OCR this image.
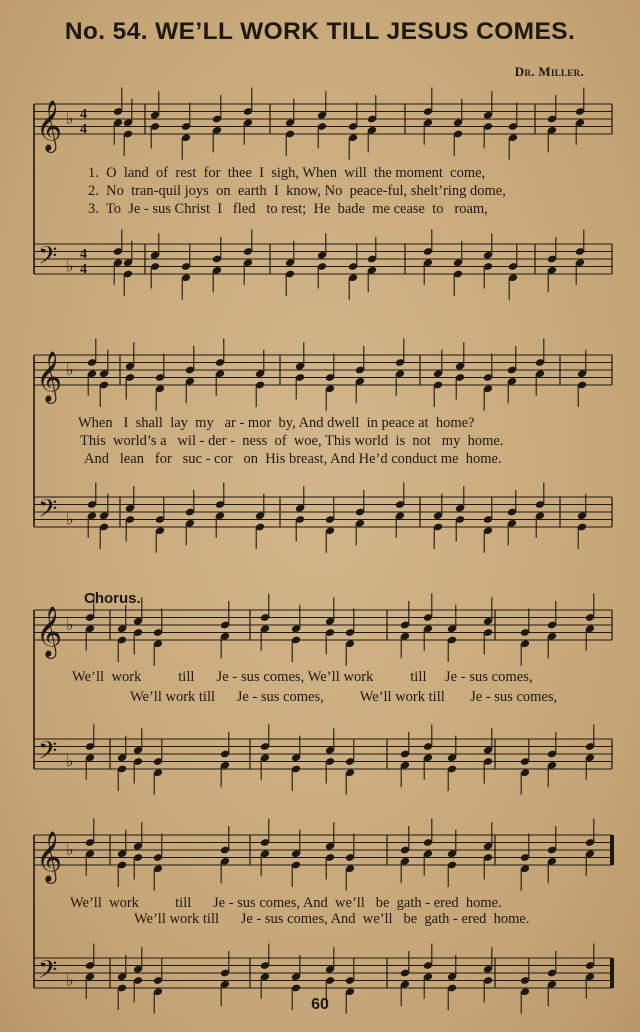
No. 54. WE’LL WORK TILL JESUS COMES.
Dr. Miller.
𝄞
𝄢
♭
♭
4
4
4
4
𝄞
𝄢
♭
♭
𝄞
𝄢
♭
♭
𝄞
𝄢
♭
♭
1.  O  land  of  rest  for  thee  I  sigh, When  will  the moment  come,
2.  No  tran-quil joys  on  earth  I  know, No  peace-ful, shelt’ring dome,
3.  To  Je - sus Christ  I   fled   to rest;  He  bade  me cease  to   roam,
When   I  shall  lay  my   ar - mor  by, And dwell  in peace at  home?
This  world’s a   wil - der -  ness  of  woe, This world  is  not   my  home.
And   lean   for   suc - cor   on  His breast, And He’d conduct me  home.
Chorus.
We’ll  work          till      Je - sus comes, We’ll work          till     Je - sus comes,
We’ll work till      Je - sus comes,          We’ll work till       Je - sus comes,
We’ll  work          till      Je - sus comes, And  we’ll   be  gath - ered  home.
We’ll work till      Je - sus comes, And  we’ll   be  gath - ered  home.
60
